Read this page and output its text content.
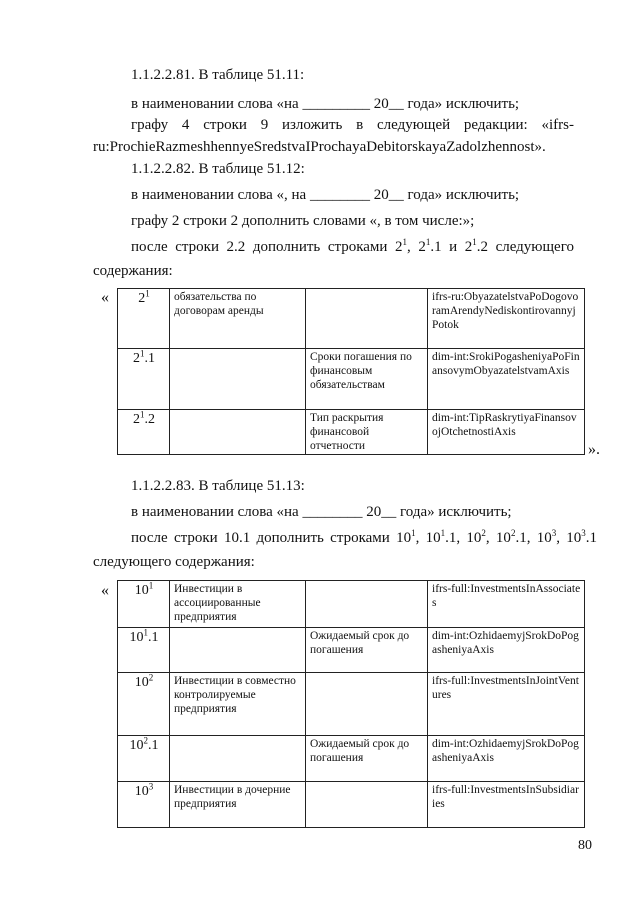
1.1.2.2.81. В таблице 51.11:
в наименовании слова «на _________ 20__ года» исключить;
графу 4 строки 9 изложить в следующей редакции: «ifrs-
ru:ProchieRazmeshhennyeSredstvaIProchayaDebitorskayaZadolzhennost».
1.1.2.2.82. В таблице 51.12:
в наименовании слова «, на ________ 20__ года» исключить;
графу 2 строки 2 дополнить словами «, в том числе:»;
после строки 2.2 дополнить строками $2^1$, $2^1.1$ и $2^1.2$ следующего
содержания:
« $2^1$	обязательства по договорам аренды		ifrs-ru:ObyazatelstvaPoDogovoramArendyNediskontirovannyjPotok
$2^1.1$		Сроки погашения по финансовым обязательствам	dim-int:SrokiPogasheniyaPoFinansovymObyazatelstvamAxis
$2^1.2$		Тип раскрытия финансовой отчетности	dim-int:TipRaskrytiyaFinansovojOtchetnostiAxis
».
1.1.2.2.83. В таблице 51.13:
в наименовании слова «на ________ 20__ года» исключить;
после строки 10.1 дополнить строками $10^1$, $10^1.1$, $10^2$, $10^2.1$, $10^3$, $10^3.1$
следующего содержания:
« $10^1$	Инвестиции в ассоциированные предприятия		ifrs-full:InvestmentsInAssociates
$10^1.1$		Ожидаемый срок до погашения	dim-int:OzhidaemyjSrokDoPogasheniyaAxis
$10^2$	Инвестиции в совместно контролируемые предприятия		ifrs-full:InvestmentsInJointVentures
$10^2.1$		Ожидаемый срок до погашения	dim-int:OzhidaemyjSrokDoPogasheniyaAxis
$10^3$	Инвестиции в дочерние предприятия		ifrs-full:InvestmentsInSubsidiaries
80
